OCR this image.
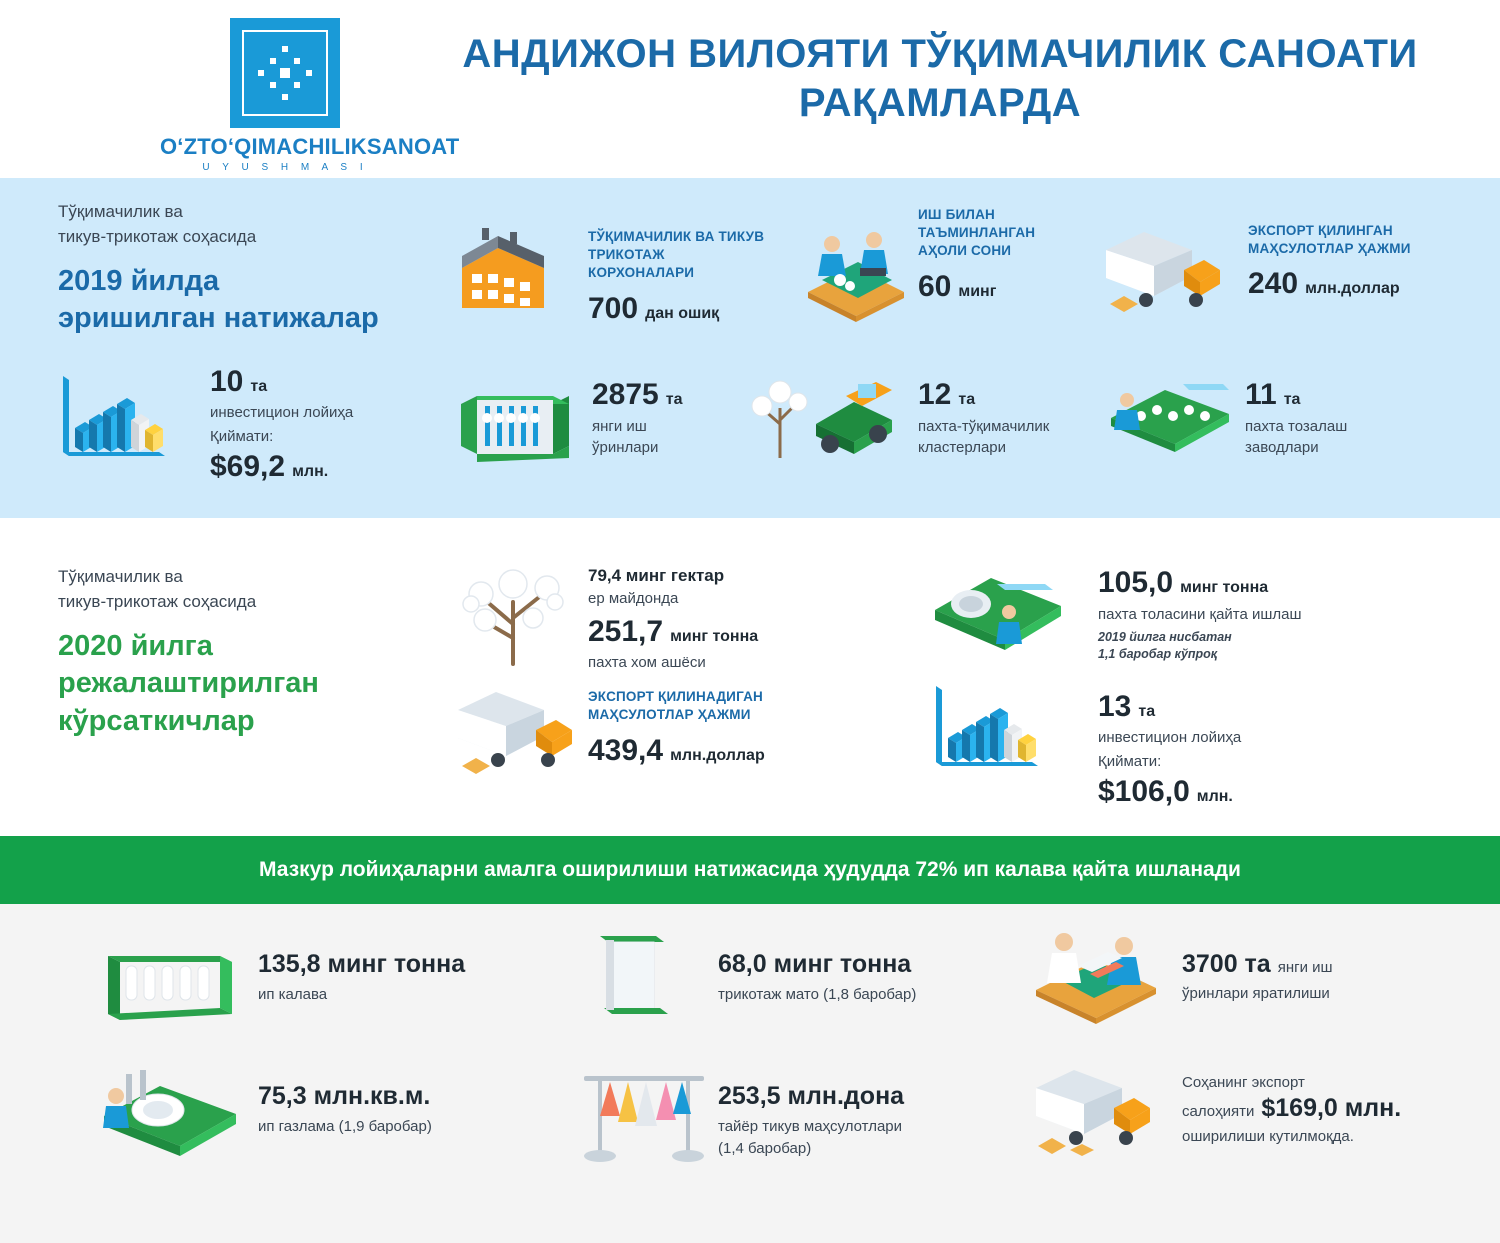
O‘ZTO‘QIMACHILIKSANOAT
U Y U S H M A S I
АНДИЖОН ВИЛОЯТИ ТЎҚИМАЧИЛИК САНОАТИ РАҚАМЛАРДА
Тўқимачилик ва
тикув-трикотаж соҳасида
2019 йилда
эришилган натижалар
ТЎҚИМАЧИЛИК ВА ТИКУВ
ТРИКОТАЖ
КОРХОНАЛАРИ
700 дан ошиқ
ИШ БИЛАН
ТАЪМИНЛАНГАН
АҲОЛИ СОНИ
60 минг
ЭКСПОРТ ҚИЛИНГАН
МАҲСУЛОТЛАР ҲАЖМИ
240 млн.доллар
10 та
инвестицион лойиҳа
Қиймати:
$69,2 млн.
2875 та
янги иш
ўринлари
12 та
пахта-тўқимачилик
кластерлари
11 та
пахта тозалаш
заводлари
Тўқимачилик ва
тикув-трикотаж соҳасида
2020 йилга
режалаштирилган
кўрсаткичлар
79,4 минг гектар
ер майдонда
251,7 минг тонна
пахта хом ашёси
105,0 минг тонна
пахта толасини қайта ишлаш
2019 йилга нисбатан
1,1 баробар кўпроқ
ЭКСПОРТ ҚИЛИНАДИГАН
МАҲСУЛОТЛАР ҲАЖМИ
439,4 млн.доллар
13 та
инвестицион лойиҳа
Қиймати:
$106,0 млн.
Мазкур лойиҳаларни амалга оширилиши натижасида ҳудудда 72% ип калава қайта ишланади
135,8 минг тонна
ип калава
68,0 минг тонна
трикотаж мато (1,8 баробар)
3700 та янги иш
ўринлари яратилиши
75,3 млн.кв.м.
ип газлама (1,9 баробар)
253,5 млн.дона
тайёр тикув маҳсулотлари
(1,4 баробар)
Соҳанинг экспорт
салоҳияти $169,0 млн.
оширилиши кутилмоқда.
